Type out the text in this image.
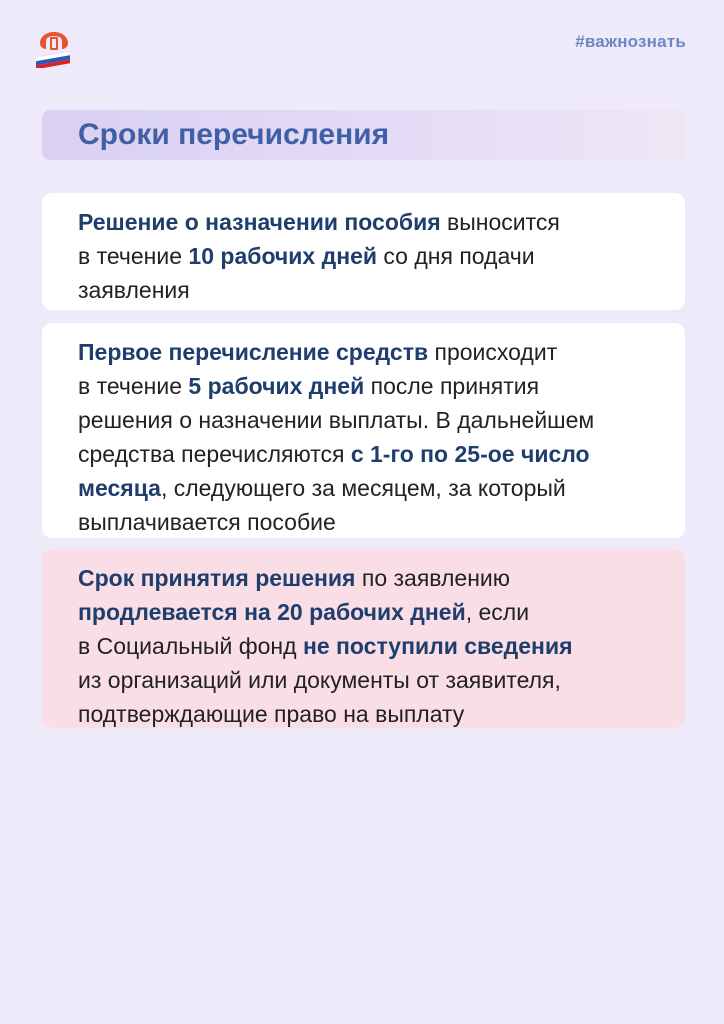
#важнознать
Сроки перечисления
Решение о назначении пособия выносится
в течение 10 рабочих дней со дня подачи
заявления
Первое перечисление средств происходит
в течение 5 рабочих дней после принятия
решения о назначении выплаты. В дальнейшем
средства перечисляются с 1-го по 25-ое число
месяца, следующего за месяцем, за который
выплачивается пособие
Срок принятия решения по заявлению
продлевается на 20 рабочих дней, если
в Социальный фонд не поступили сведения
из организаций или документы от заявителя,
подтверждающие право на выплату
